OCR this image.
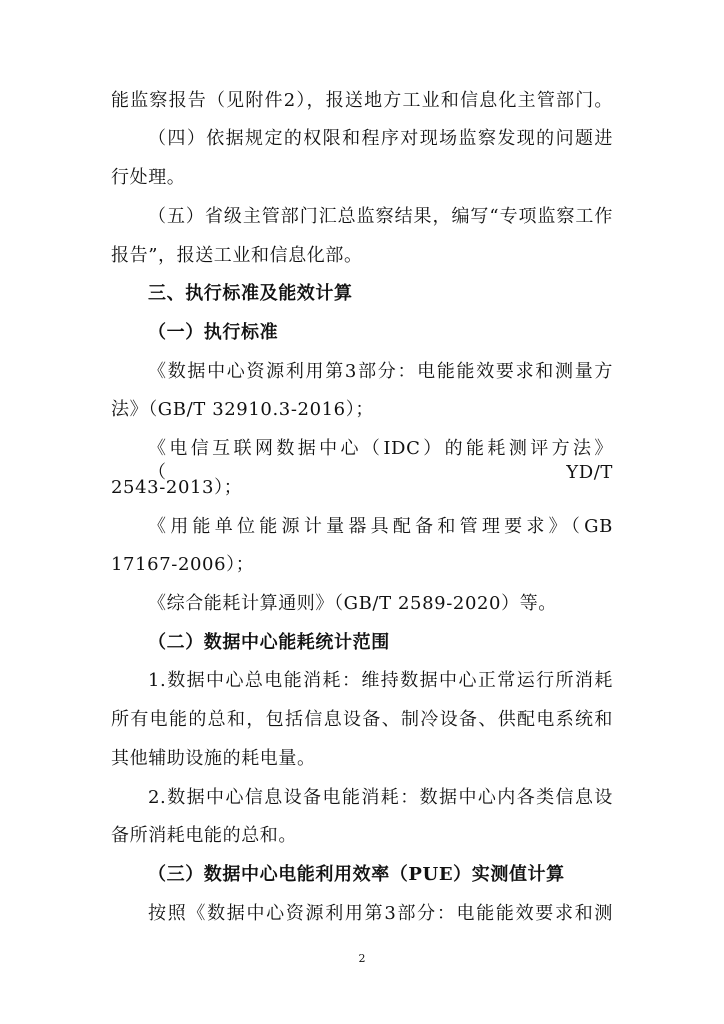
能监察报告（见附件2），报送地方工业和信息化主管部门。
（四）依据规定的权限和程序对现场监察发现的问题进
行处理。
（五）省级主管部门汇总监察结果，编写“专项监察工作
报告”，报送工业和信息化部。
三、执行标准及能效计算
（一）执行标准
《数据中心资源利用第3部分：电能能效要求和测量方
法》（GB/T 32910.3-2016）；
《电信互联网数据中心（IDC）的能耗测评方法》（YD/T
2543-2013）；
《用能单位能源计量器具配备和管理要求》（GB
17167-2006）；
《综合能耗计算通则》（GB/T 2589-2020）等。
（二）数据中心能耗统计范围
1.数据中心总电能消耗：维持数据中心正常运行所消耗
所有电能的总和，包括信息设备、制冷设备、供配电系统和
其他辅助设施的耗电量。
2.数据中心信息设备电能消耗：数据中心内各类信息设
备所消耗电能的总和。
（三）数据中心电能利用效率（PUE）实测值计算
按照《数据中心资源利用第3部分：电能能效要求和测
2
